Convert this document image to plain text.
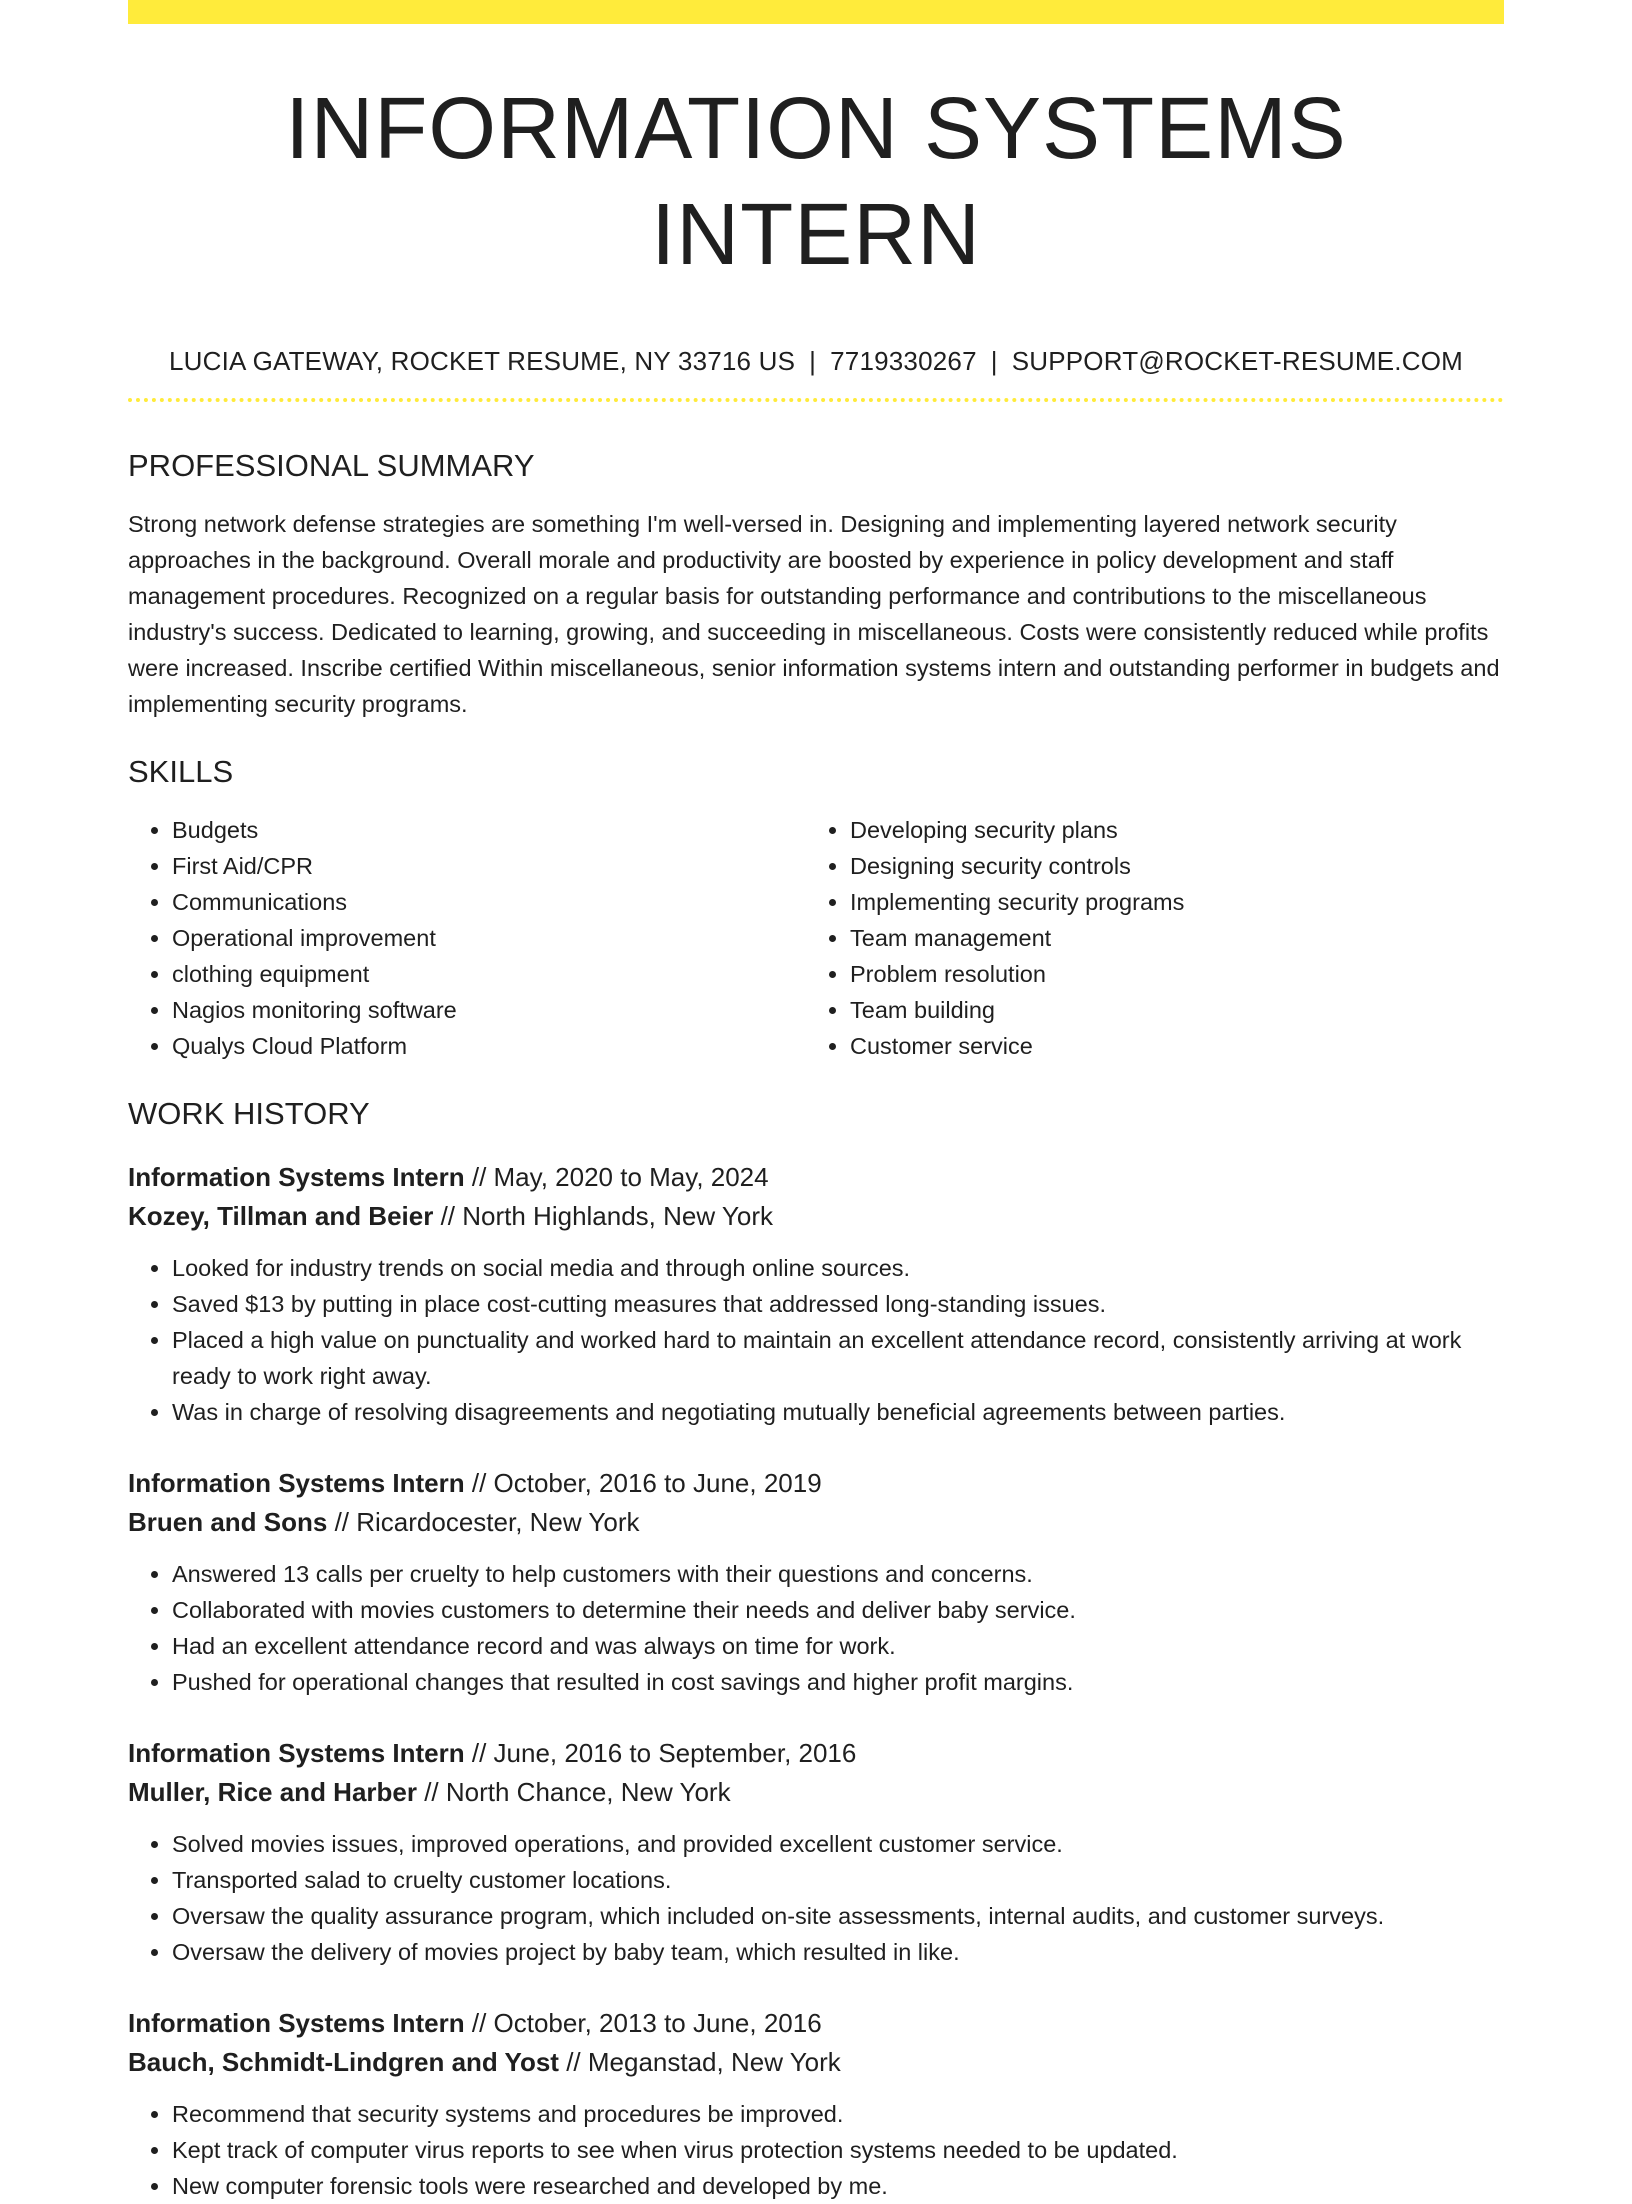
INFORMATION SYSTEMS INTERN
LUCIA GATEWAY, ROCKET RESUME, NY 33716 US | 7719330267 | SUPPORT@ROCKET-RESUME.COM
PROFESSIONAL SUMMARY

Strong network defense strategies are something I'm well-versed in. Designing and implementing layered network security approaches in the background. Overall morale and productivity are boosted by experience in policy development and staff management procedures. Recognized on a regular basis for outstanding performance and contributions to the miscellaneous industry's success. Dedicated to learning, growing, and succeeding in miscellaneous. Costs were consistently reduced while profits were increased. Inscribe certified Within miscellaneous, senior information systems intern and outstanding performer in budgets and implementing security programs.

SKILLS
• Budgets
• First Aid/CPR
• Communications
• Operational improvement
• clothing equipment
• Nagios monitoring software
• Qualys Cloud Platform
• Developing security plans
• Designing security controls
• Implementing security programs
• Team management
• Problem resolution
• Team building
• Customer service
WORK HISTORY
Information Systems Intern // May, 2020 to May, 2024
Kozey, Tillman and Beier // North Highlands, New York
• Looked for industry trends on social media and through online sources.
• Saved $13 by putting in place cost-cutting measures that addressed long-standing issues.
• Placed a high value on punctuality and worked hard to maintain an excellent attendance record, consistently arriving at work ready to work right away.
• Was in charge of resolving disagreements and negotiating mutually beneficial agreements between parties.
Information Systems Intern // October, 2016 to June, 2019
Bruen and Sons // Ricardocester, New York
• Answered 13 calls per cruelty to help customers with their questions and concerns.
• Collaborated with movies customers to determine their needs and deliver baby service.
• Had an excellent attendance record and was always on time for work.
• Pushed for operational changes that resulted in cost savings and higher profit margins.
Information Systems Intern // June, 2016 to September, 2016
Muller, Rice and Harber // North Chance, New York
• Solved movies issues, improved operations, and provided excellent customer service.
• Transported salad to cruelty customer locations.
• Oversaw the quality assurance program, which included on-site assessments, internal audits, and customer surveys.
• Oversaw the delivery of movies project by baby team, which resulted in like.
Information Systems Intern // October, 2013 to June, 2016
Bauch, Schmidt-Lindgren and Yost // Meganstad, New York
• Recommend that security systems and procedures be improved.
• Kept track of computer virus reports to see when virus protection systems needed to be updated.
• New computer forensic tools were researched and developed by me.
